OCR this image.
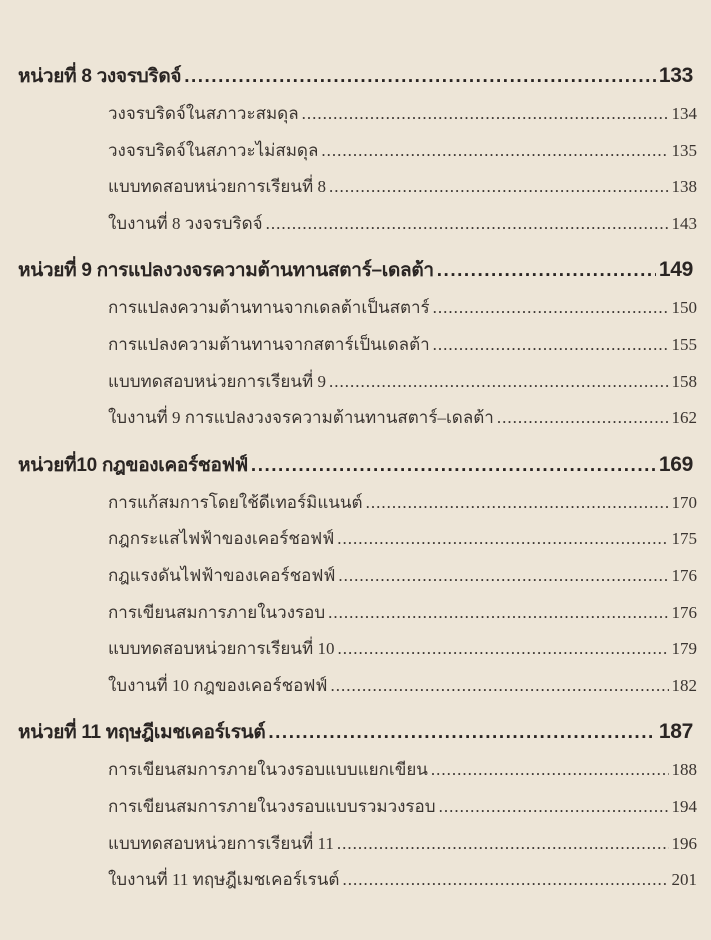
หน่วยที่ 8 วงจรบริดจ์ .....	133
วงจรบริดจ์ในสภาวะสมดุล .....	134
วงจรบริดจ์ในสภาวะไม่สมดุล .....	135
แบบทดสอบหน่วยการเรียนที่ 8 .....	138
ใบงานที่ 8 วงจรบริดจ์ .....	143
หน่วยที่ 9 การแปลงวงจรความต้านทานสตาร์–เดลต้า .....	149
การแปลงความต้านทานจากเดลต้าเป็นสตาร์ .....	150
การแปลงความต้านทานจากสตาร์เป็นเดลต้า .....	155
แบบทดสอบหน่วยการเรียนที่ 9 .....	158
ใบงานที่ 9 การแปลงวงจรความต้านทานสตาร์–เดลต้า .....	162
หน่วยที่10 กฎของเคอร์ชอฟฟ์ .....	169
การแก้สมการโดยใช้ดีเทอร์มิแนนต์ .....	170
กฎกระแสไฟฟ้าของเคอร์ชอฟฟ์ .....	175
กฎแรงดันไฟฟ้าของเคอร์ชอฟฟ์ .....	176
การเขียนสมการภายในวงรอบ .....	176
แบบทดสอบหน่วยการเรียนที่ 10 .....	179
ใบงานที่ 10 กฎของเคอร์ชอฟฟ์ .....	182
หน่วยที่ 11 ทฤษฎีเมชเคอร์เรนต์ .....	187
การเขียนสมการภายในวงรอบแบบแยกเขียน .....	188
การเขียนสมการภายในวงรอบแบบรวมวงรอบ .....	194
แบบทดสอบหน่วยการเรียนที่ 11 .....	196
ใบงานที่ 11 ทฤษฎีเมชเคอร์เรนต์ .....	201
